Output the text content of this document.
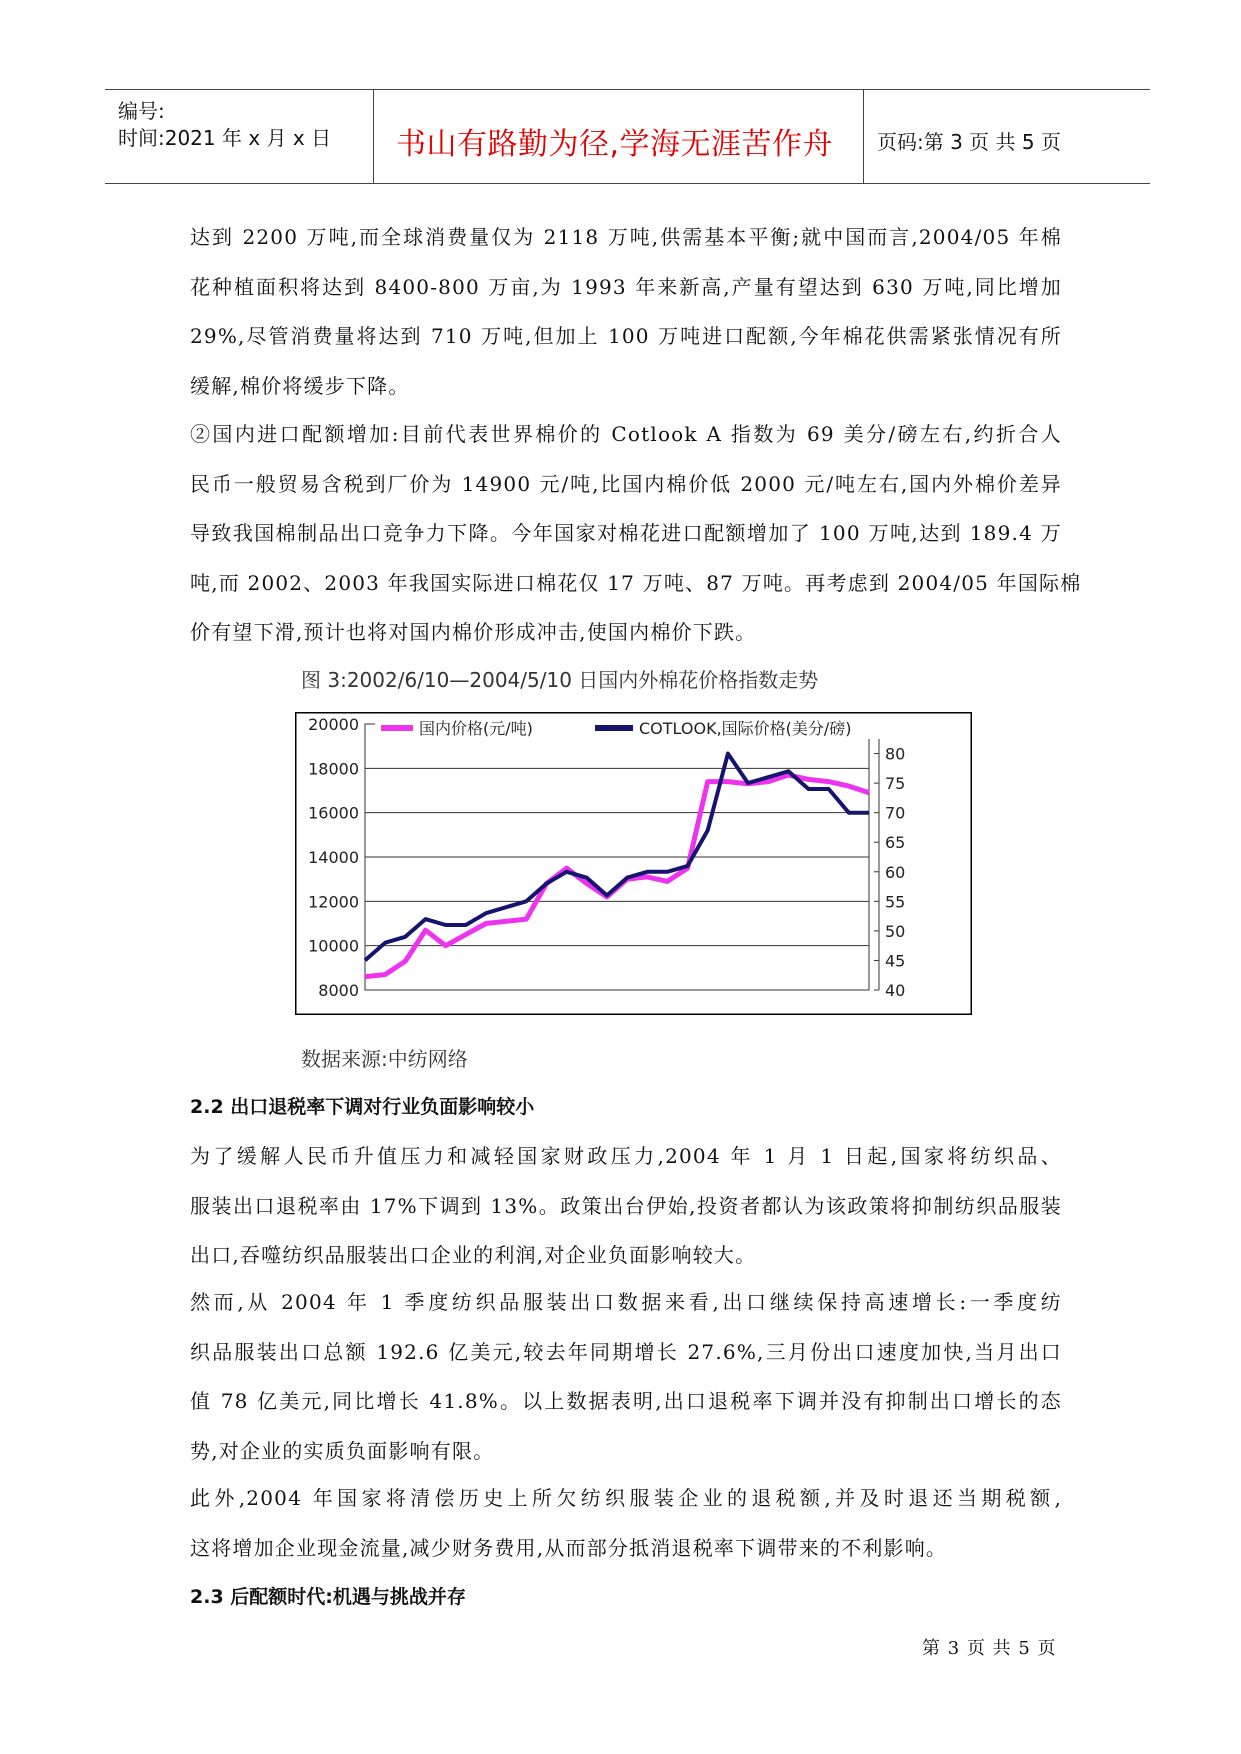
编号:
时间:2021 年 x 月 x 日 书山有路勤为径,学海无涯苦作舟 页码:第 3 页 共 5 页
达到 2200 万吨,而全球消费量仅为 2118 万吨,供需基本平衡;就中国而言,2004/05 年棉
花种植面积将达到 8400-800 万亩,为 1993 年来新高,产量有望达到 630 万吨,同比增加
29%,尽管消费量将达到 710 万吨,但加上 100 万吨进口配额,今年棉花供需紧张情况有所
缓解,棉价将缓步下降。
②国内进口配额增加:目前代表世界棉价的 Cotlook A 指数为 69 美分/磅左右,约折合人
民币一般贸易含税到厂价为 14900 元/吨,比国内棉价低 2000 元/吨左右,国内外棉价差异
导致我国棉制品出口竞争力下降。今年国家对棉花进口配额增加了 100 万吨,达到 189.4 万
吨,而 2002、2003 年我国实际进口棉花仅 17 万吨、87 万吨。再考虑到 2004/05 年国际棉
价有望下滑,预计也将对国内棉价形成冲击,使国内棉价下跌。
图 3:2002/6/10—2004/5/10 日国内外棉花价格指数走势
20000
18000
16000
14000
12000
10000
8000
80
75
70
65
60
55
50
45
40
国内价格(元/吨)	COTLOOK,国际价格(美分/磅)
数据来源:中纺网络
2.2 出口退税率下调对行业负面影响较小
为了缓解人民币升值压力和减轻国家财政压力,2004 年 1 月 1 日起,国家将纺织品、
服装出口退税率由 17%下调到 13%。政策出台伊始,投资者都认为该政策将抑制纺织品服装
出口,吞噬纺织品服装出口企业的利润,对企业负面影响较大。
然而,从 2004 年 1 季度纺织品服装出口数据来看,出口继续保持高速增长:一季度纺
织品服装出口总额 192.6 亿美元,较去年同期增长 27.6%,三月份出口速度加快,当月出口
值 78 亿美元,同比增长 41.8%。以上数据表明,出口退税率下调并没有抑制出口增长的态
势,对企业的实质负面影响有限。
此外,2004 年国家将清偿历史上所欠纺织服装企业的退税额,并及时退还当期税额,
这将增加企业现金流量,减少财务费用,从而部分抵消退税率下调带来的不利影响。
2.3 后配额时代:机遇与挑战并存
第 3 页 共 5 页
